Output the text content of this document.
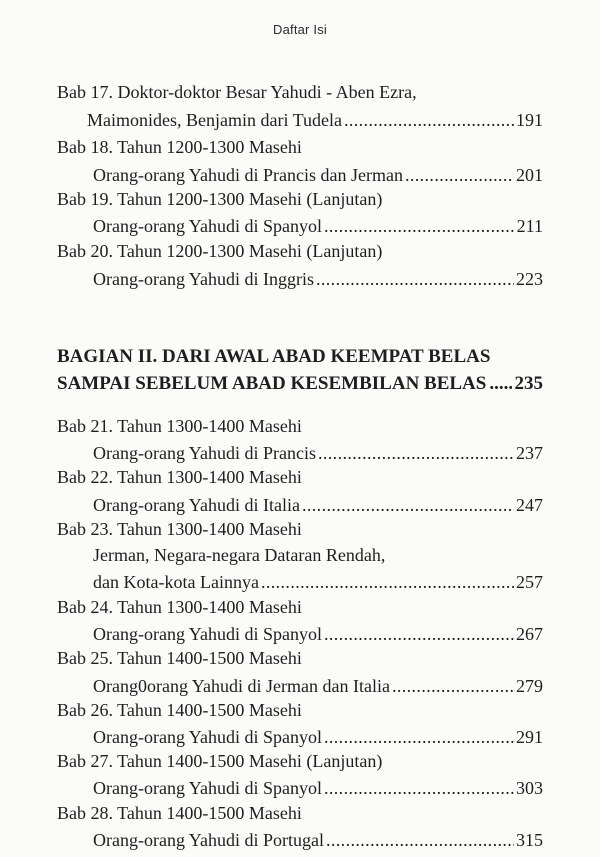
Daftar Isi
Bab 17. Doktor-doktor Besar Yahudi - Aben Ezra,
Maimonides, Benjamin dari Tudela .....	191
Bab 18. Tahun 1200-1300 Masehi
Orang-orang Yahudi di Prancis dan Jerman .....	201
Bab 19. Tahun 1200-1300 Masehi (Lanjutan)
Orang-orang Yahudi di Spanyol .....	211
Bab 20. Tahun 1200-1300 Masehi (Lanjutan)
Orang-orang Yahudi di Inggris .....	223
BAGIAN II. DARI AWAL ABAD KEEMPAT BELAS
SAMPAI SEBELUM ABAD KESEMBILAN BELAS ..... 235
Bab 21. Tahun 1300-1400 Masehi
Orang-orang Yahudi di Prancis .....	237
Bab 22. Tahun 1300-1400 Masehi
Orang-orang Yahudi di Italia .....	247
Bab 23. Tahun 1300-1400 Masehi
Jerman, Negara-negara Dataran Rendah,
dan Kota-kota Lainnya .....	257
Bab 24. Tahun 1300-1400 Masehi
Orang-orang Yahudi di Spanyol .....	267
Bab 25. Tahun 1400-1500 Masehi
Orang0orang Yahudi di Jerman dan Italia .....	279
Bab 26. Tahun 1400-1500 Masehi
Orang-orang Yahudi di Spanyol .....	291
Bab 27. Tahun 1400-1500 Masehi (Lanjutan)
Orang-orang Yahudi di Spanyol .....	303
Bab 28. Tahun 1400-1500 Masehi
Orang-orang Yahudi di Portugal .....	315
